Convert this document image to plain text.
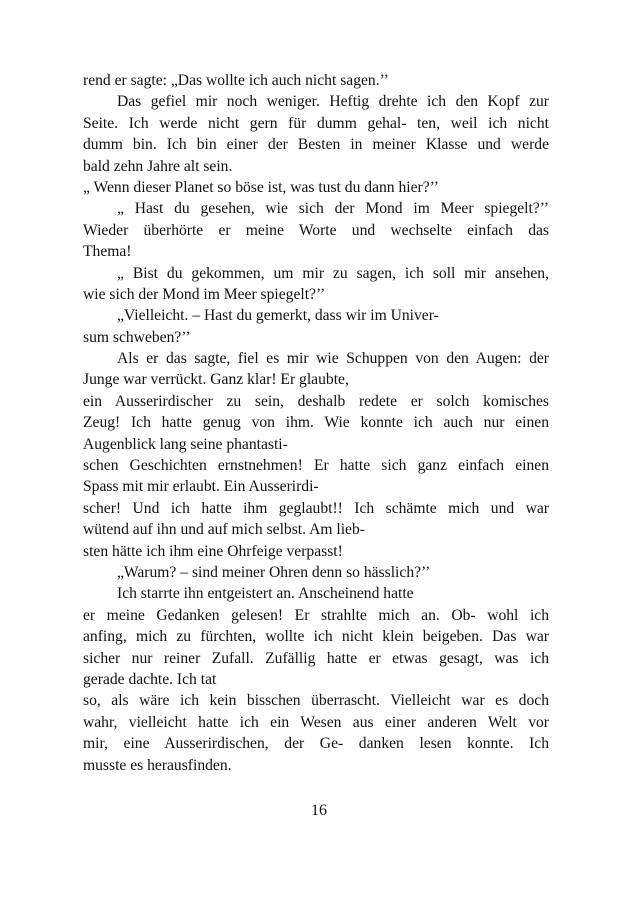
rend er sagte: „Das wollte ich auch nicht sagen.’’
Das gefiel mir noch weniger. Heftig drehte ich den Kopf zur
Seite. Ich werde nicht gern für dumm gehal- ten, weil ich nicht
dumm bin. Ich bin einer der Besten in meiner Klasse und werde
bald zehn Jahre alt sein.
„ Wenn dieser Planet so böse ist, was tust du dann hier?’’
„ Hast du gesehen, wie sich der Mond im Meer spiegelt?’’
Wieder überhörte er meine Worte und wechselte einfach das
Thema!
„ Bist du gekommen, um mir zu sagen, ich soll mir ansehen,
wie sich der Mond im Meer spiegelt?’’
„Vielleicht. – Hast du gemerkt, dass wir im Univer-
sum schweben?’’
Als er das sagte, fiel es mir wie Schuppen von den Augen: der
Junge war verrückt. Ganz klar! Er glaubte,
ein Ausserirdischer zu sein, deshalb redete er solch komisches
Zeug! Ich hatte genug von ihm. Wie konnte ich auch nur einen
Augenblick lang seine phantasti-
schen Geschichten ernstnehmen! Er hatte sich ganz einfach einen
Spass mit mir erlaubt. Ein Ausserirdi-
scher! Und ich hatte ihm geglaubt!! Ich schämte mich und war
wütend auf ihn und auf mich selbst. Am lieb-
sten hätte ich ihm eine Ohrfeige verpasst!
„Warum? – sind meiner Ohren denn so hässlich?’’
Ich starrte ihn entgeistert an. Anscheinend hatte
er meine Gedanken gelesen! Er strahlte mich an. Ob- wohl ich
anfing, mich zu fürchten, wollte ich nicht klein beigeben. Das war
sicher nur reiner Zufall. Zufällig hatte er etwas gesagt, was ich
gerade dachte. Ich tat
so, als wäre ich kein bisschen überrascht. Vielleicht war es doch
wahr, vielleicht hatte ich ein Wesen aus einer anderen Welt vor
mir, eine Ausserirdischen, der Ge- danken lesen konnte. Ich
musste es herausfinden.
16
